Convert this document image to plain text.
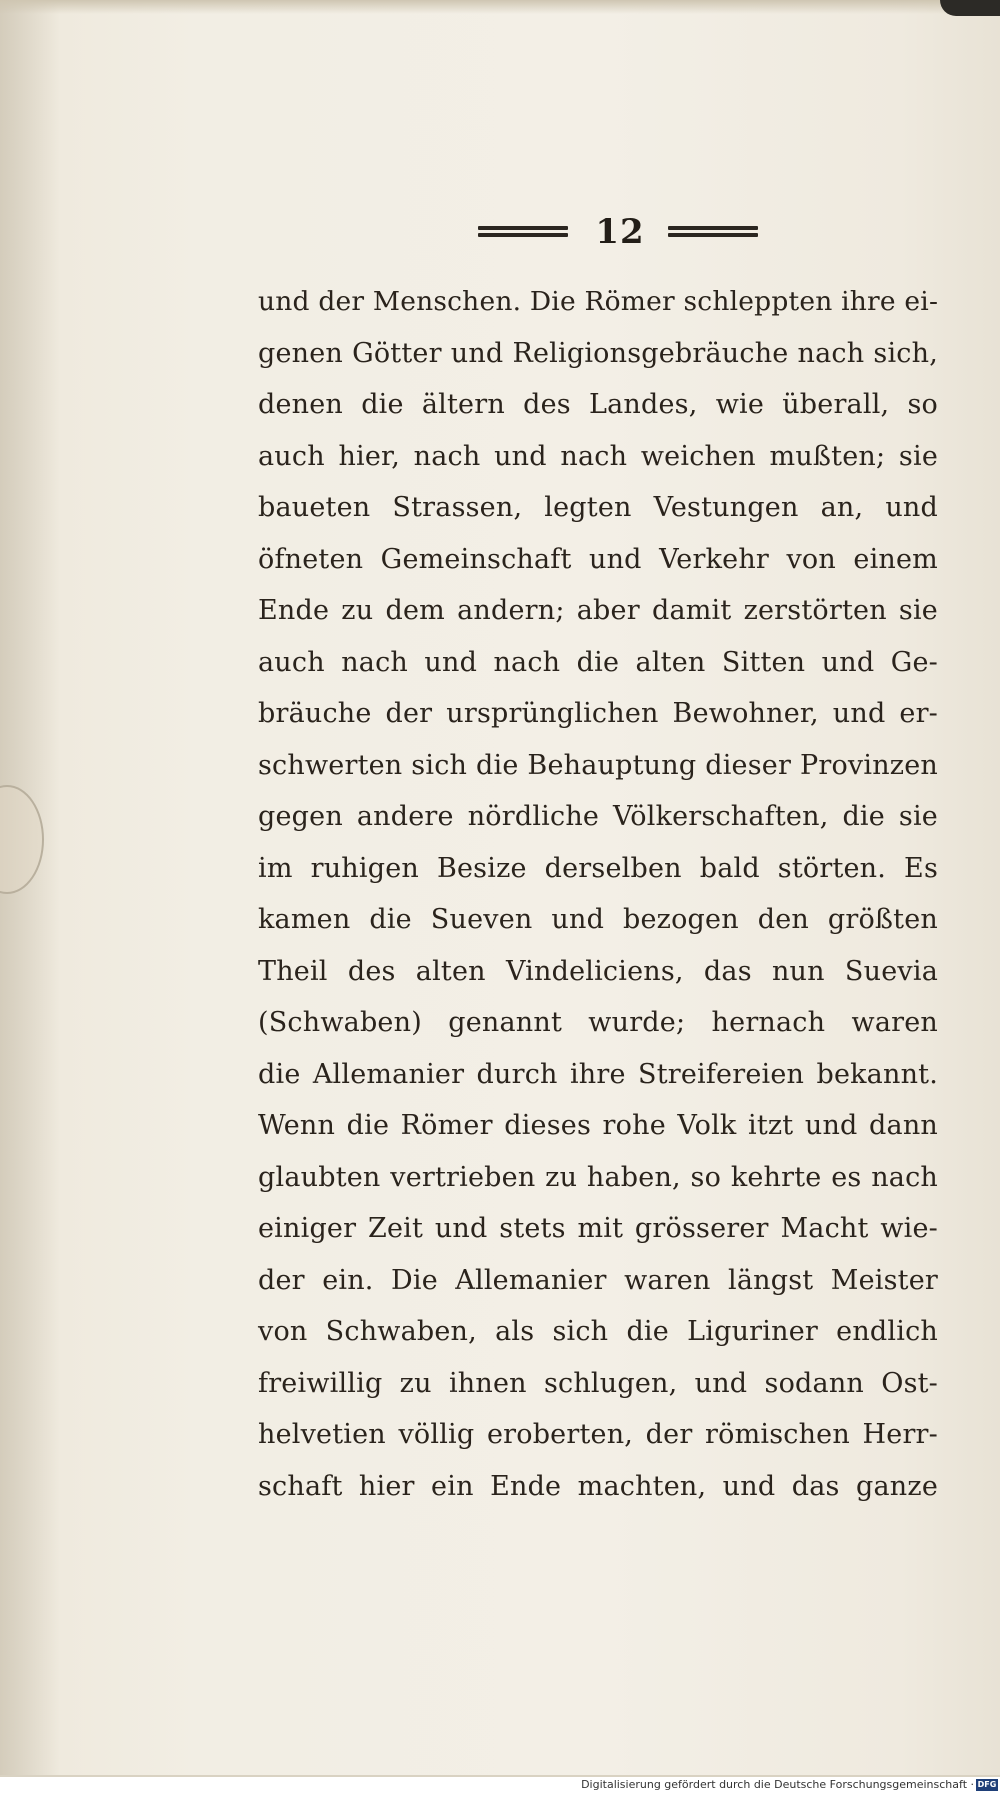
12
und der Menschen. Die Römer schleppten ihre ei-
genen Götter und Religionsgebräuche nach sich,
denen die ältern des Landes, wie überall, so
auch hier, nach und nach weichen mußten; sie
baueten Strassen, legten Vestungen an, und
öfneten Gemeinschaft und Verkehr von einem
Ende zu dem andern; aber damit zerstörten sie
auch nach und nach die alten Sitten und Ge-
bräuche der ursprünglichen Bewohner, und er-
schwerten sich die Behauptung dieser Provinzen
gegen andere nördliche Völkerschaften, die sie
im ruhigen Besize derselben bald störten. Es
kamen die Sueven und bezogen den größten
Theil des alten Vindeliciens, das nun Suevia
(Schwaben) genannt wurde; hernach waren
die Allemanier durch ihre Streifereien bekannt.
Wenn die Römer dieses rohe Volk itzt und dann
glaubten vertrieben zu haben, so kehrte es nach
einiger Zeit und stets mit grösserer Macht wie-
der ein. Die Allemanier waren längst Meister
von Schwaben, als sich die Liguriner endlich
freiwillig zu ihnen schlugen, und sodann Ost-
helvetien völlig eroberten, der römischen Herr-
schaft hier ein Ende machten, und das ganze
Digitalisierung gefördert durch die Deutsche Forschungsgemeinschaft · DFG
